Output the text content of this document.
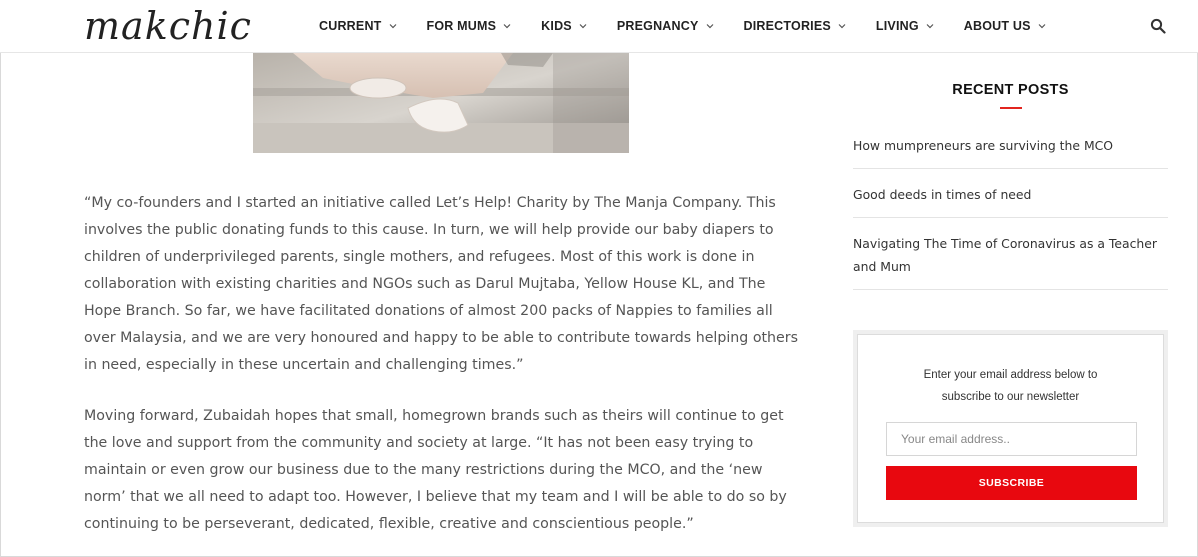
makchic	CURRENT	FOR MUMS	KIDS	PREGNANCY	DIRECTORIES	LIVING	ABOUT US

“My co-founders and I started an initiative called Let’s Help! Charity by The Manja Company. This involves the public donating funds to this cause. In turn, we will help provide our baby diapers to children of underprivileged parents, single mothers, and refugees. Most of this work is done in collaboration with existing charities and NGOs such as Darul Mujtaba, Yellow House KL, and The Hope Branch. So far, we have facilitated donations of almost 200 packs of Nappies to families all over Malaysia, and we are very honoured and happy to be able to contribute towards helping others in need, especially in these uncertain and challenging times.”

Moving forward, Zubaidah hopes that small, homegrown brands such as theirs will continue to get the love and support from the community and society at large. “It has not been easy trying to maintain or even grow our business due to the many restrictions during the MCO, and the ‘new norm’ that we all need to adapt too. However, I believe that my team and I will be able to do so by continuing to be perseverant, dedicated, flexible, creative and conscientious people.”

RECENT POSTS
How mumpreneurs are surviving the MCO
Good deeds in times of need
Navigating The Time of Coronavirus as a Teacher and Mum
Enter your email address below to
subscribe to our newsletter
Your email address..
SUBSCRIBE
